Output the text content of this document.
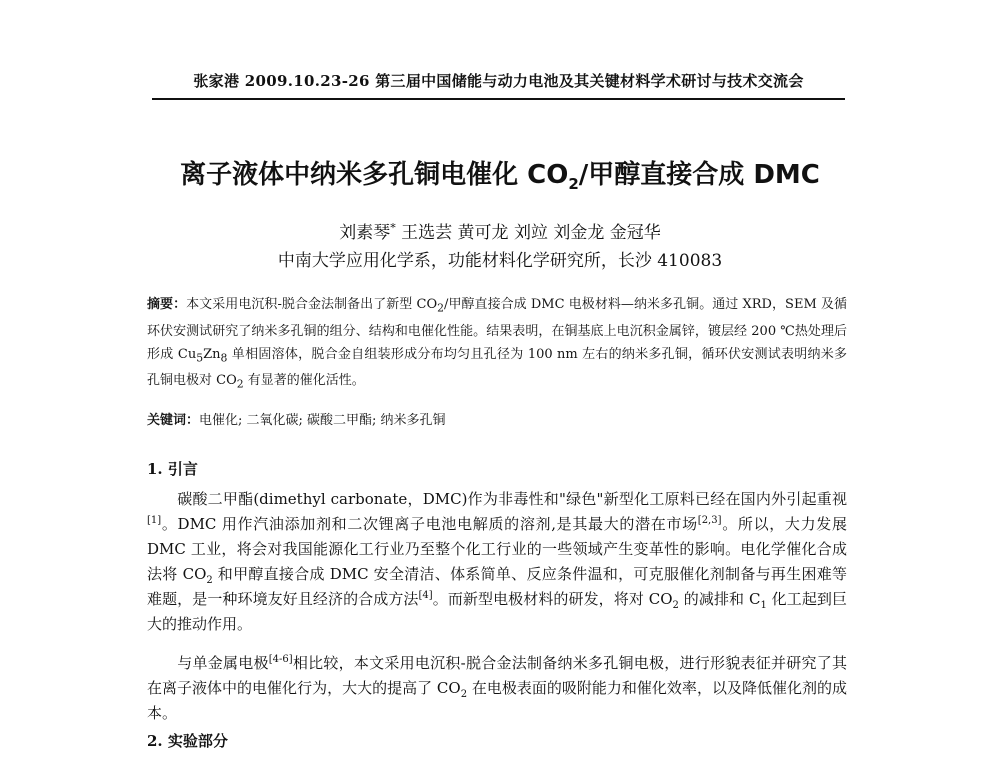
张家港 2009.10.23-26 第三届中国储能与动力电池及其关键材料学术研讨与技术交流会
离子液体中纳米多孔铜电催化 $CO_2/$甲醇直接合成 DMC
刘素琴* 王选芸 黄可龙 刘竝 刘金龙 金冠华
中南大学应用化学系，功能材料化学研究所，长沙 410083
摘要：本文采用电沉积-脱合金法制备出了新型 $CO_2/$甲醇直接合成 DMC 电极材料—纳米多孔铜。通过 XRD，SEM 及循环伏安测试研究了纳米多孔铜的组分、结构和电催化性能。结果表明，在铜基底上电沉积金属锌，镀层经 200 ℃热处理后形成 $Cu_5Zn_8$ 单相固溶体，脱合金自组装形成分布均匀且孔径为 100 nm 左右的纳米多孔铜，循环伏安测试表明纳米多孔铜电极对 $CO_2$ 有显著的催化活性。
关键词：电催化; 二氧化碳; 碳酸二甲酯; 纳米多孔铜
1. 引言
碳酸二甲酯(dimethyl carbonate，DMC)作为非毒性和"绿色"新型化工原料已经在国内外引起重视[1]。DMC 用作汽油添加剂和二次锂离子电池电解质的溶剂,是其最大的潜在市场[2,3]。所以，大力发展 DMC 工业，将会对我国能源化工行业乃至整个化工行业的一些领域产生变革性的影响。电化学催化合成法将 $CO_2$ 和甲醇直接合成 DMC 安全清洁、体系简单、反应条件温和，可克服催化剂制备与再生困难等难题，是一种环境友好且经济的合成方法[4]。而新型电极材料的研发，将对 $CO_2$ 的减排和 $C_1$ 化工起到巨大的推动作用。
与单金属电极[4-6]相比较，本文采用电沉积-脱合金法制备纳米多孔铜电极，进行形貌表征并研究了其在离子液体中的电催化行为，大大的提高了 $CO_2$ 在电极表面的吸附能力和催化效率，以及降低催化剂的成本。
2. 实验部分
